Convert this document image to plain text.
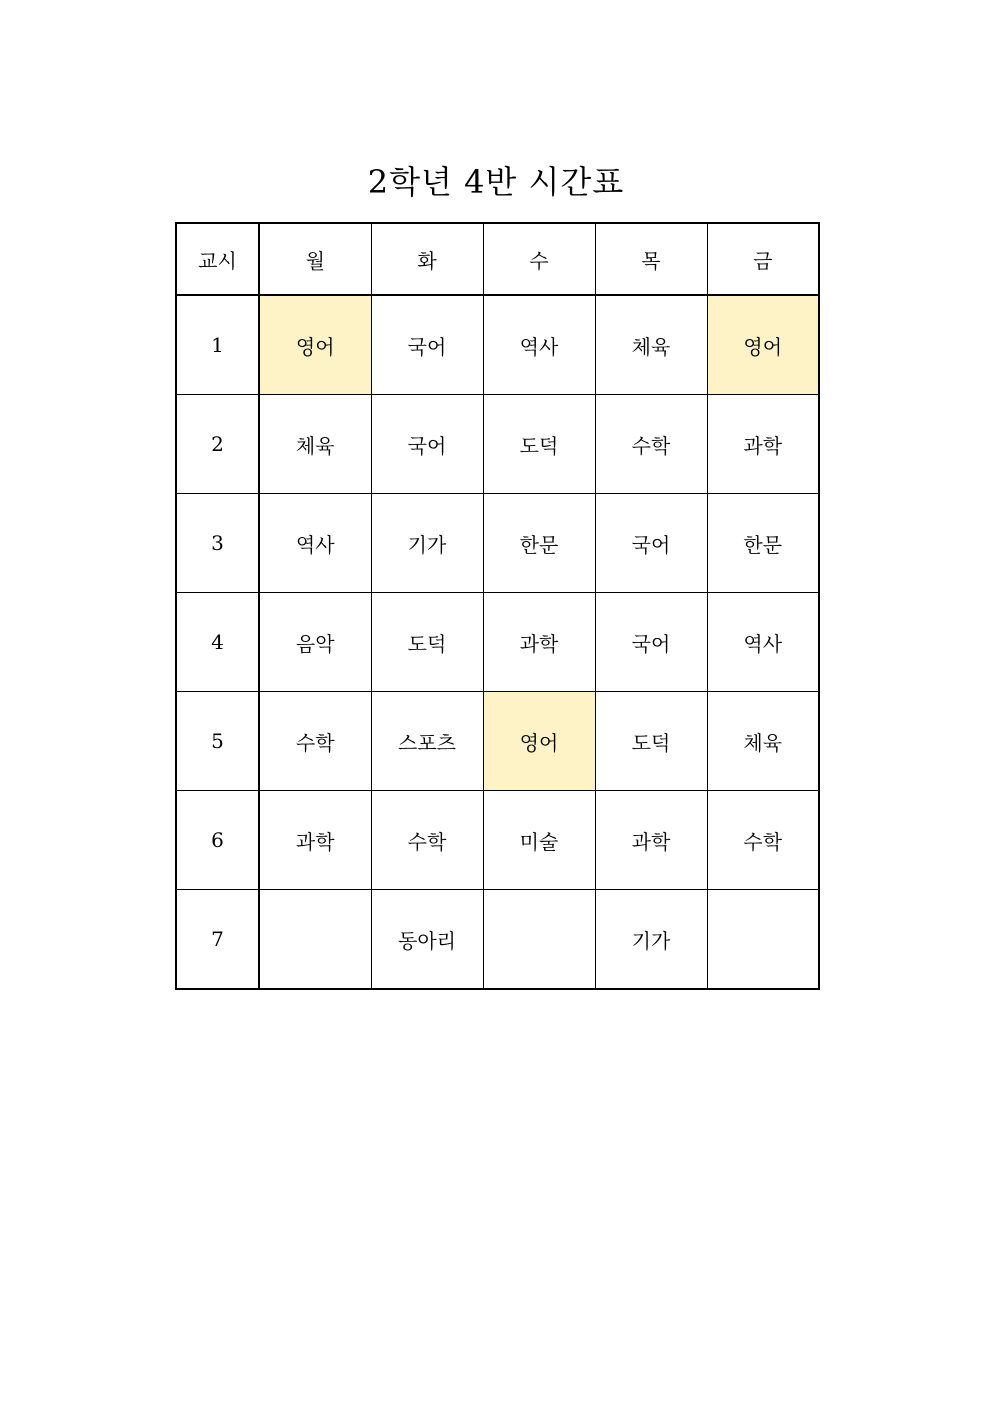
2학년 4반 시간표
교시	월	화	수	목	금
1	영어	국어	역사	체육	영어
2	체육	국어	도덕	수학	과학
3	역사	기가	한문	국어	한문
4	음악	도덕	과학	국어	역사
5	수학	스포츠	영어	도덕	체육
6	과학	수학	미술	과학	수학
7		동아리		기가	
